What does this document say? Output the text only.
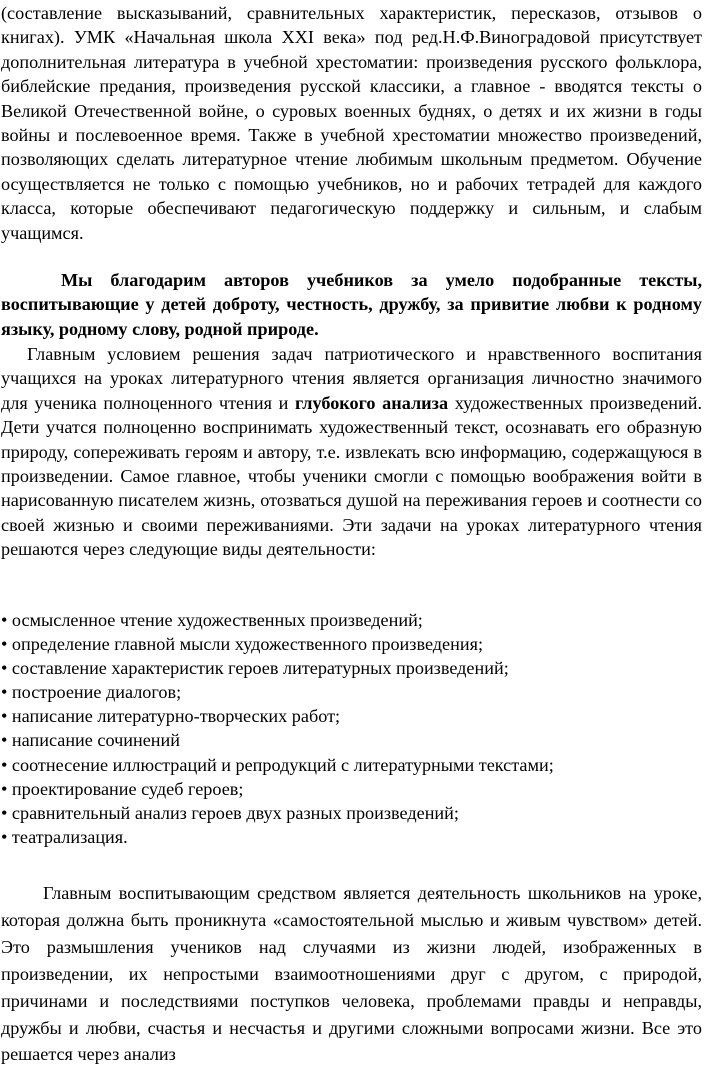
(составление высказываний, сравнительных характеристик, пересказов, отзывов о книгах). УМК «Начальная школа XXI века» под ред.Н.Ф.Виноградовой присутствует дополнительная литература в учебной хрестоматии: произведения русского фольклора, библейские предания, произведения русской классики, а главное - вводятся тексты о Великой Отечественной войне, о суровых военных буднях, о детях и их жизни в годы войны и послевоенное время. Также в учебной хрестоматии множество произведений, позволяющих сделать литературное чтение любимым школьным предметом. Обучение осуществляется не только с помощью учебников, но и рабочих тетрадей для каждого класса, которые обеспечивают педагогическую поддержку и сильным, и слабым учащимся.

Мы благодарим авторов учебников за умело подобранные тексты, воспитывающие у детей доброту, честность, дружбу, за привитие любви к родному языку, родному слову, родной природе.

Главным условием решения задач патриотического и нравственного воспитания учащихся на уроках литературного чтения является организация личностно значимого для ученика полноценного чтения и глубокого анализа художественных произведений. Дети учатся полноценно воспринимать художественный текст, осознавать его образную природу, сопереживать героям и автору, т.е. извлекать всю информацию, содержащуюся в произведении. Самое главное, чтобы ученики смогли с помощью воображения войти в нарисованную писателем жизнь, отозваться душой на переживания героев и соотнести со своей жизнью и своими переживаниями. Эти задачи на уроках литературного чтения решаются через следующие виды деятельности:

• осмысленное чтение художественных произведений;
• определение главной мысли художественного произведения;
• составление характеристик героев литературных произведений;
• построение диалогов;
• написание литературно-творческих работ;
• написание сочинений
• соотнесение иллюстраций и репродукций с литературными текстами;
• проектирование судеб героев;
• сравнительный анализ героев двух разных произведений;
• театрализация.

Главным воспитывающим средством является деятельность школьников на уроке, которая должна быть проникнута «самостоятельной мыслью и живым чувством» детей. Это размышления учеников над случаями из жизни людей, изображенных в произведении, их непростыми взаимоотношениями друг с другом, с природой, причинами и последствиями поступков человека, проблемами правды и неправды, дружбы и любви, счастья и несчастья и другими сложными вопросами жизни. Все это решается через анализ
